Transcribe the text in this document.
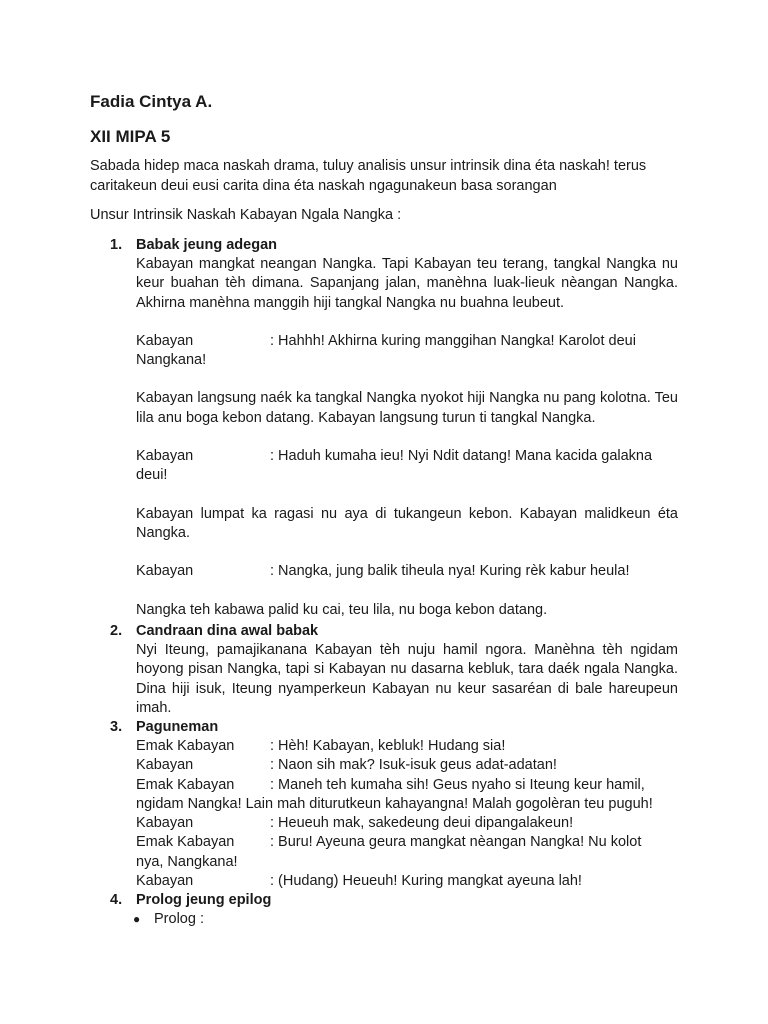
Fadia Cintya A.

XII MIPA 5

Sabada hidep maca naskah drama, tuluy analisis unsur intrinsik dina éta naskah! terus caritakeun deui eusi carita dina éta naskah ngagunakeun basa sorangan

Unsur Intrinsik Naskah Kabayan Ngala Nangka :

1. Babak jeung adegan

Kabayan mangkat neangan Nangka. Tapi Kabayan teu terang, tangkal Nangka nu keur buahan tèh dimana. Sapanjang jalan, manèhna luak-lieuk nèangan Nangka. Akhirna manèhna manggih hiji tangkal Nangka nu buahna leubeut.

Kabayan	: Hahhh! Akhirna kuring manggihan Nangka! Karolot deui

Nangkana!

Kabayan langsung naék ka tangkal Nangka nyokot hiji Nangka nu pang kolotna. Teu lila anu boga kebon datang. Kabayan langsung turun ti tangkal Nangka.

Kabayan	: Haduh kumaha ieu! Nyi Ndit datang! Mana kacida galakna

deui!

Kabayan lumpat ka ragasi nu aya di tukangeun kebon. Kabayan malidkeun éta Nangka.

Kabayan	: Nangka, jung balik tiheula nya! Kuring rèk kabur heula!

Nangka teh kabawa palid ku cai, teu lila, nu boga kebon datang.

2. Candraan dina awal babak

Nyi Iteung, pamajikanana Kabayan tèh nuju hamil ngora. Manèhna tèh ngidam hoyong pisan Nangka, tapi si Kabayan nu dasarna kebluk, tara daék ngala Nangka. Dina hiji isuk, Iteung nyamperkeun Kabayan nu keur sasaréan di bale hareupeun imah.

3. Paguneman
Emak Kabayan	: Hèh! Kabayan, kebluk! Hudang sia!
Kabayan	: Naon sih mak? Isuk-isuk geus adat-adatan!
Emak Kabayan	: Maneh teh kumaha sih! Geus nyaho si Iteung keur hamil,

ngidam Nangka! Lain mah diturutkeun kahayangna! Malah gogolèran teu puguh!

Kabayan	: Heueuh mak, sakedeung deui dipangalakeun!
Emak Kabayan	: Buru! Ayeuna geura mangkat nèangan Nangka! Nu kolot

nya, Nangkana!

Kabayan	: (Hudang) Heueuh! Kuring mangkat ayeuna lah!
4. Prolog jeung epilog
● Prolog :
